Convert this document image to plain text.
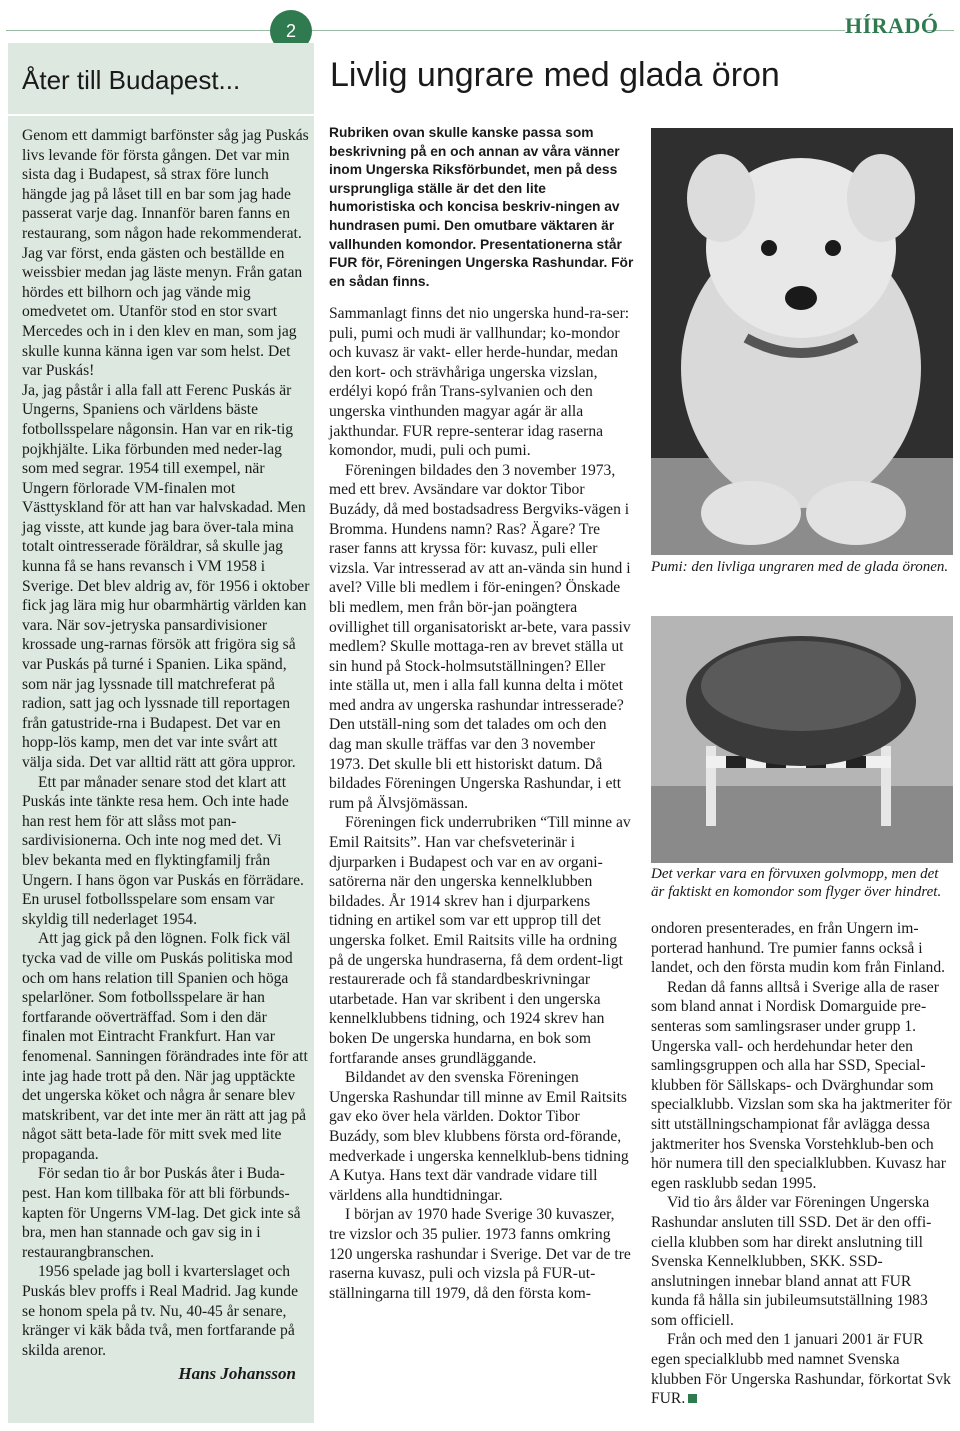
2	HÍRADÓ
Åter till Budapest...	Livlig ungrare med glada öron

Genom ett dammigt barfönster såg jag Puskás livs levande för första gången. Det var min sista dag i Budapest, så strax före lunch hängde jag på låset till en bar som jag hade passerat varje dag. Innanför baren fanns en restaurang, som någon hade rekommenderat. Jag var först, enda gästen och beställde en weissbier medan jag läste menyn. Från gatan hördes ett bilhorn och jag vände mig omedvetet om. Utanför stod en stor svart Mercedes och in i den klev en man, som jag skulle kunna känna igen var som helst. Det var Puskás!

Ja, jag påstår i alla fall att Ferenc Puskás är Ungerns, Spaniens och världens bäste fotbollsspelare någonsin. Han var en rik-tig pojkhjälte. Lika förbunden med neder-lag som med segrar. 1954 till exempel, när Ungern förlorade VM-finalen mot Västtyskland för att han var halvskadad. Men jag visste, att kunde jag bara över-tala mina totalt ointresserade föräldrar, så skulle jag kunna få se hans revansch i VM 1958 i Sverige. Det blev aldrig av, för 1956 i oktober fick jag lära mig hur obarmhärtig världen kan vara. När sov-jetryska pansardivisioner krossade ung-rarnas försök att frigöra sig så var Puskás på turné i Spanien. Lika spänd, som när jag lyssnade till matchreferat på radion, satt jag och lyssnade till reportagen från gatustride-rna i Budapest. Det var en hopp-lös kamp, men det var inte svårt att välja sida. Det var alltid rätt att göra uppror.

Ett par månader senare stod det klart att Puskás inte tänkte resa hem. Och inte hade han rest hem för att slåss mot pan-sardivisionerna. Och inte nog med det. Vi blev bekanta med en flyktingfamilj från Ungern. I hans ögon var Puskás en förrädare. En urusel fotbollsspelare som ensam var skyldig till nederlaget 1954.

Att jag gick på den lögnen. Folk fick väl tycka vad de ville om Puskás politiska mod och om hans relation till Spanien och höga spelarlöner. Som fotbollsspelare är han fortfarande oöverträffad. Som i den där finalen mot Eintracht Frankfurt. Han var fenomenal. Sanningen förändrades inte för att inte jag hade trott på den. När jag upptäckte det ungerska köket och några år senare blev matskribent, var det inte mer än rätt att jag på något sätt beta-lade för mitt svek med lite propaganda.

För sedan tio år bor Puskás åter i Buda-pest. Han kom tillbaka för att bli förbunds-kapten för Ungerns VM-lag. Det gick inte så bra, men han stannade och gav sig in i restaurangbranschen.

1956 spelade jag boll i kvarterslaget och Puskás blev proffs i Real Madrid. Jag kunde se honom spela på tv. Nu, 40-45 år senare, kränger vi käk båda två, men fortfarande på skilda arenor.

Hans Johansson

Rubriken ovan skulle kanske passa som beskrivning på en och annan av våra vänner inom Ungerska Riksförbundet, men på dess ursprungliga ställe är det den lite humoristiska och koncisa beskriv-ningen av hundrasen pumi. Den omutbare väktaren är vallhunden komondor. Presentationerna står FUR för, Föreningen Ungerska Rashundar. För en sådan finns.

Sammanlagt finns det nio ungerska hund-ra-ser: puli, pumi och mudi är vallhundar; ko-mondor och kuvasz är vakt- eller herde-hundar, medan den kort- och strävhåriga ungerska vizslan, erdélyi kopó från Trans-sylvanien och den ungerska vinthunden magyar agár är alla jakthundar. FUR repre-senterar idag raserna komondor, mudi, puli och pumi.

Föreningen bildades den 3 november 1973, med ett brev. Avsändare var doktor Tibor Buzády, då med bostadsadress Bergviks-vägen i Bromma. Hundens namn? Ras? Ägare? Tre raser fanns att kryssa för: kuvasz, puli eller vizsla. Var intresserad av att an-vända sin hund i avel? Ville bli medlem i för-eningen? Önskade bli medlem, men från bör-jan poängtera ovillighet till organisatoriskt ar-bete, vara passiv medlem? Skulle mottaga-ren av brevet ställa ut sin hund på Stock-holmsutställningen? Eller inte ställa ut, men i alla fall kunna delta i mötet med andra av ungerska rashundar intresserade? Den utställ-ning som det talades om och den dag man skulle träffas var den 3 november 1973. Det skulle bli ett historiskt datum. Då bildades Föreningen Ungerska Rashundar, i ett rum på Älvsjömässan.

Föreningen fick underrubriken “Till minne av Emil Raitsits”. Han var chefsveterinär i djurparken i Budapest och var en av organi-satörerna när den ungerska kennelklubben bildades. År 1914 skrev han i djurparkens tidning en artikel som var ett upprop till det ungerska folket. Emil Raitsits ville ha ordning på de ungerska hundraserna, få dem ordent-ligt restaurerade och få standardbeskrivningar utarbetade. Han var skribent i den ungerska kennelklubbens tidning, och 1924 skrev han boken De ungerska hundarna, en bok som fortfarande anses grundläggande.

Bildandet av den svenska Föreningen Ungerska Rashundar till minne av Emil Raitsits gav eko över hela världen. Doktor Tibor Buzády, som blev klubbens första ord-förande, medverkade i ungerska kennelklub-bens tidning A Kutya. Hans text där vandrade vidare till världens alla hundtidningar.

I början av 1970 hade Sverige 30 kuvaszer, tre vizslor och 35 pulier. 1973 fanns omkring 120 ungerska rashundar i Sverige. Det var de tre raserna kuvasz, puli och vizsla på FUR-ut-ställningarna till 1979, då den första kom-

Pumi: den livliga ungraren med de glada öronen.

Det verkar vara en förvuxen golvmopp, men det är faktiskt en komondor som flyger över hindret.

ondoren presenterades, en från Ungern im-porterad hanhund. Tre pumier fanns också i landet, och den första mudin kom från Finland.

Redan då fanns alltså i Sverige alla de raser som bland annat i Nordisk Domarguide pre-senteras som samlingsraser under grupp 1. Ungerska vall- och herdehundar heter den samlingsgruppen och alla har SSD, Special-klubben för Sällskaps- och Dvärghundar som specialklubb. Vizslan som ska ha jaktmeriter för sitt utställningschampionat får avlägga dessa jaktmeriter hos Svenska Vorstehklub-ben och hör numera till den specialklubben. Kuvasz har egen rasklubb sedan 1995.

Vid tio års ålder var Föreningen Ungerska Rashundar ansluten till SSD. Det är den offi-ciella klubben som har direkt anslutning till Svenska Kennelklubben, SKK. SSD-anslutningen innebar bland annat att FUR kunda få hålla sin jubileumsutställning 1983 som officiell.

Från och med den 1 januari 2001 är FUR egen specialklubb med namnet Svenska klubben För Ungerska Rashundar, förkortat Svk FUR.
